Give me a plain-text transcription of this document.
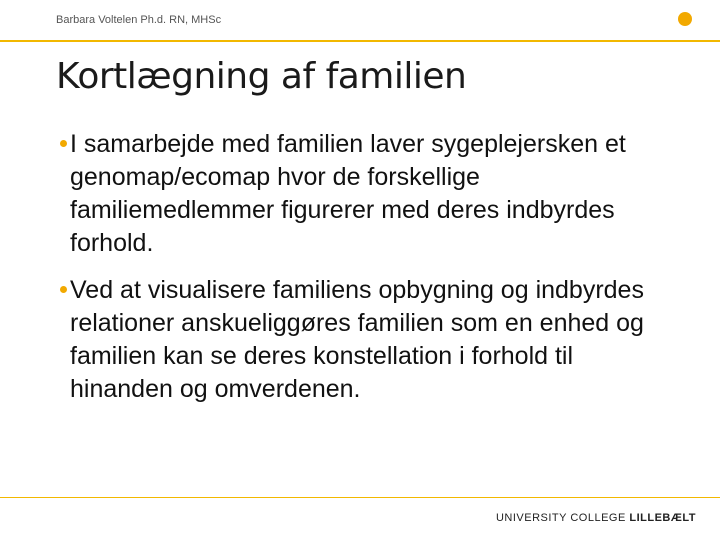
Barbara Voltelen Ph.d. RN, MHSc
Kortlægning af familien
I samarbejde med familien laver sygeplejersken et genomap/ecomap hvor de forskellige familiemedlemmer figurerer med deres indbyrdes forhold.
Ved at visualisere familiens opbygning og indbyrdes relationer anskueliggøres familien som en enhed og familien kan se deres konstellation i forhold til hinanden og omverdenen.
UNIVERSITY COLLEGE LILLEBÆLT
